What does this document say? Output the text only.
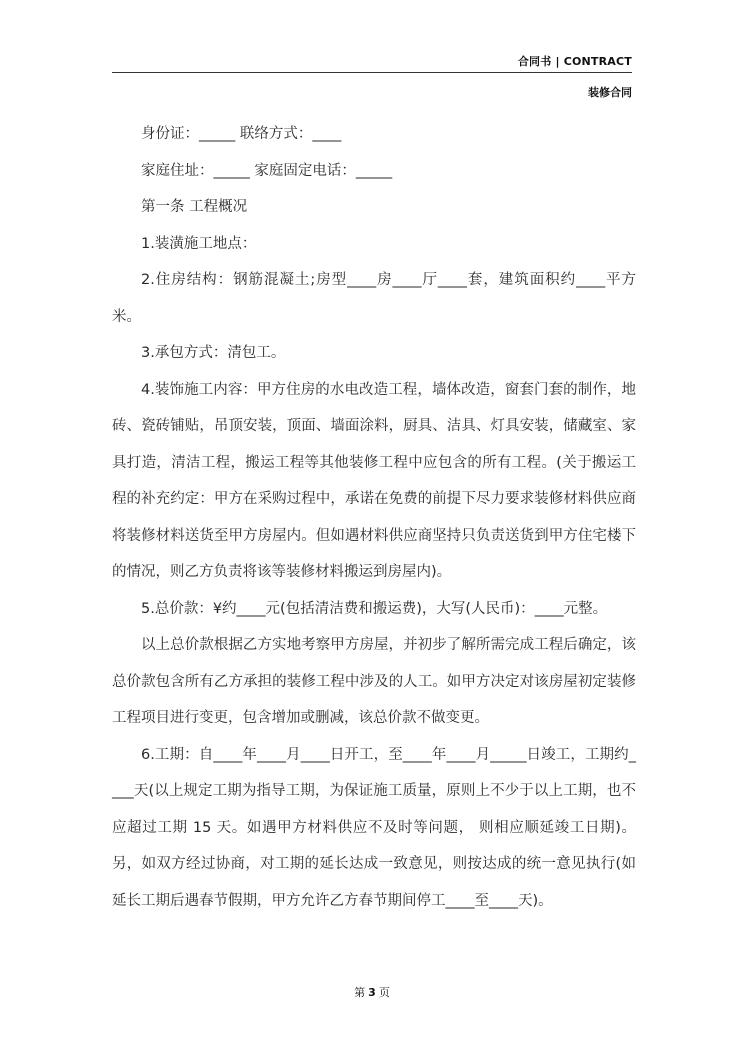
合同书 | CONTRACT
装修合同

身份证：_____ 联络方式：____

家庭住址：_____ 家庭固定电话：_____

第一条 工程概况

1.装潢施工地点：

2.住房结构：钢筋混凝土;房型____房____厅____套，建筑面积约____平方米。

3.承包方式：清包工。

4.装饰施工内容：甲方住房的水电改造工程，墙体改造，窗套门套的制作，地砖、瓷砖铺贴，吊顶安装，顶面、墙面涂料，厨具、洁具、灯具安装，储藏室、家具打造，清洁工程，搬运工程等其他装修工程中应包含的所有工程。(关于搬运工程的补充约定：甲方在采购过程中，承诺在免费的前提下尽力要求装修材料供应商将装修材料送货至甲方房屋内。但如遇材料供应商坚持只负责送货到甲方住宅楼下的情况，则乙方负责将该等装修材料搬运到房屋内)。

5.总价款：¥约____元(包括清洁费和搬运费)，大写(人民币)：____元整。

以上总价款根据乙方实地考察甲方房屋，并初步了解所需完成工程后确定，该总价款包含所有乙方承担的装修工程中涉及的人工。如甲方决定对该房屋初定装修工程项目进行变更，包含增加或删减，该总价款不做变更。

6.工期：自____年____月____日开工，至____年____月_____日竣工，工期约____天(以上规定工期为指导工期，为保证施工质量，原则上不少于以上工期，也不应超过工期 15 天。如遇甲方材料供应不及时等问题， 则相应顺延竣工日期)。另，如双方经过协商，对工期的延长达成一致意见，则按达成的统一意见执行(如延长工期后遇春节假期，甲方允许乙方春节期间停工____至____天)。

第 3 页
